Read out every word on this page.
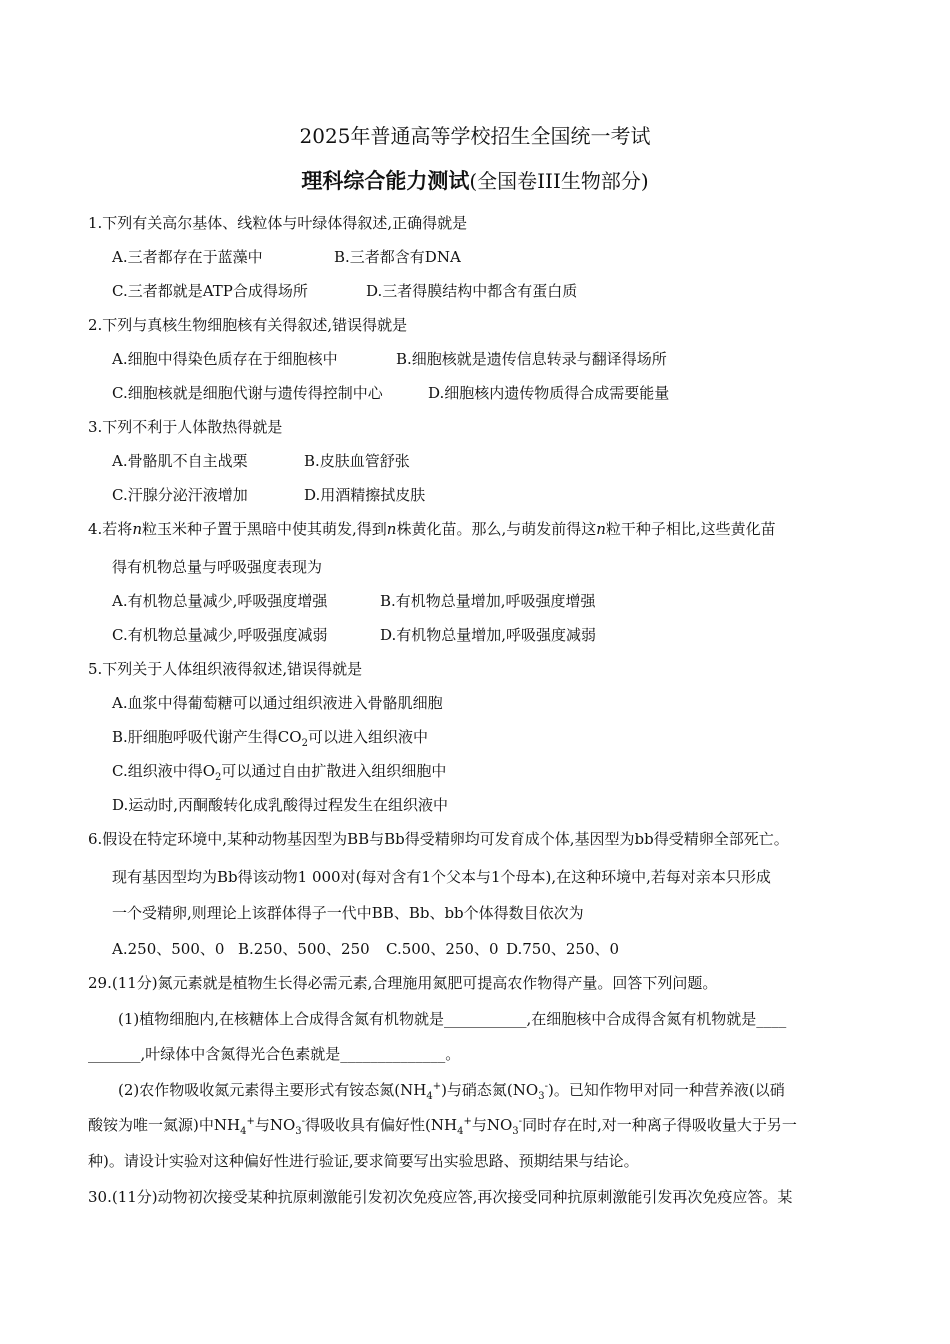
2025年普通高等学校招生全国统一考试
理科综合能力测试(全国卷III生物部分)
1.下列有关高尔基体、线粒体与叶绿体得叙述,正确得就是
A.三者都存在于蓝藻中	B.三者都含有DNA
C.三者都就是ATP合成得场所	D.三者得膜结构中都含有蛋白质
2.下列与真核生物细胞核有关得叙述,错误得就是
A.细胞中得染色质存在于细胞核中	B.细胞核就是遗传信息转录与翻译得场所
C.细胞核就是细胞代谢与遗传得控制中心	D.细胞核内遗传物质得合成需要能量
3.下列不利于人体散热得就是
A.骨骼肌不自主战栗	B.皮肤血管舒张
C.汗腺分泌汗液增加	D.用酒精擦拭皮肤
4.若将n粒玉米种子置于黑暗中使其萌发,得到n株黄化苗。那么,与萌发前得这n粒干种子相比,这些黄化苗
得有机物总量与呼吸强度表现为
A.有机物总量减少,呼吸强度增强	B.有机物总量增加,呼吸强度增强
C.有机物总量减少,呼吸强度减弱	D.有机物总量增加,呼吸强度减弱
5.下列关于人体组织液得叙述,错误得就是
A.血浆中得葡萄糖可以通过组织液进入骨骼肌细胞
B.肝细胞呼吸代谢产生得$CO_2$可以进入组织液中
C.组织液中得$O_2$可以通过自由扩散进入组织细胞中
D.运动时,丙酮酸转化成乳酸得过程发生在组织液中
6.假设在特定环境中,某种动物基因型为BB与Bb得受精卵均可发育成个体,基因型为bb得受精卵全部死亡。
现有基因型均为Bb得该动物1 000对(每对含有1个父本与1个母本),在这种环境中,若每对亲本只形成
一个受精卵,则理论上该群体得子一代中BB、Bb、bb个体得数目依次为
A.250、500、0 B.250、500、250 C.500、250、0 D.750、250、0
29.(11分)氮元素就是植物生长得必需元素,合理施用氮肥可提高农作物得产量。回答下列问题。
(1)植物细胞内,在核糖体上合成得含氮有机物就是___________,在细胞核中合成得含氮有机物就是____
_______,叶绿体中含氮得光合色素就是______________。
(2)农作物吸收氮元素得主要形式有铵态氮$(NH_4^+)$与硝态氮$(NO_3^-)$。已知作物甲对同一种营养液(以硝
酸铵为唯一氮源)中$NH_4^+$与$NO_3^-$得吸收具有偏好性($NH_4^+$与$NO_3^-$同时存在时,对一种离子得吸收量大于另一
种)。请设计实验对这种偏好性进行验证,要求简要写出实验思路、预期结果与结论。
30.(11分)动物初次接受某种抗原刺激能引发初次免疫应答,再次接受同种抗原刺激能引发再次免疫应答。某
